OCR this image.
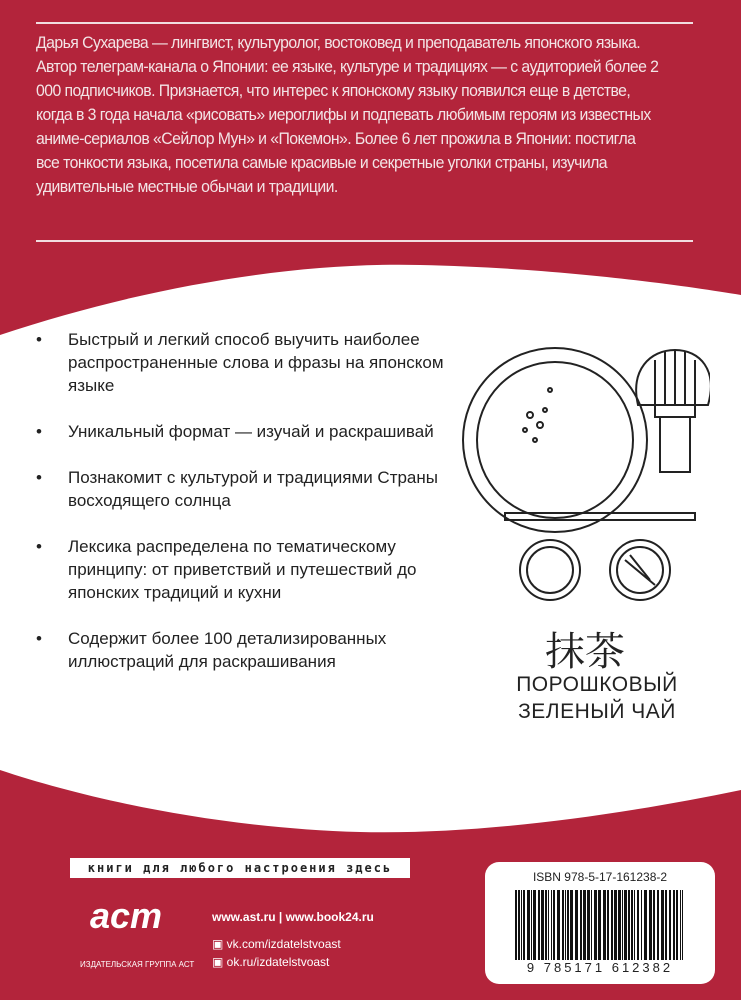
Дарья Сухарева — лингвист, культуролог, востоковед и преподаватель японского языка. Автор телеграм-канала о Японии: ее языке, культуре и традициях — с аудиторией более 2 000 подписчиков. Признается, что интерес к японскому языку появился еще в детстве, когда в 3 года начала «рисовать» иероглифы и подпевать любимым героям из известных аниме-сериалов «Сейлор Мун» и «Покемон». Более 6 лет прожила в Японии: постигла все тонкости языка, посетила самые красивые и секретные уголки страны, изучила удивительные местные обычаи и традиции.

• Быстрый и легкий способ выучить наиболее распространенные слова и фразы на японском языке
• Уникальный формат — изучай и раскрашивай
• Познакомит с культурой и традициями Страны восходящего солнца
• Лексика распределена по тематическому принципу: от приветствий и путешествий до японских традиций и кухни
• Содержит более 100 детализированных иллюстраций для раскрашивания	抹茶
ПОРОШКОВЫЙ
ЗЕЛЕНЫЙ ЧАЙ
книги для любого настроения здесь
аст
ИЗДАТЕЛЬСКАЯ ГРУППА АСТ
www.ast.ru | www.book24.ru
▣ vk.com/izdatelstvoast
▣ ok.ru/izdatelstvoast
ISBN 978-5-17-161238-2
9 785171 612382
